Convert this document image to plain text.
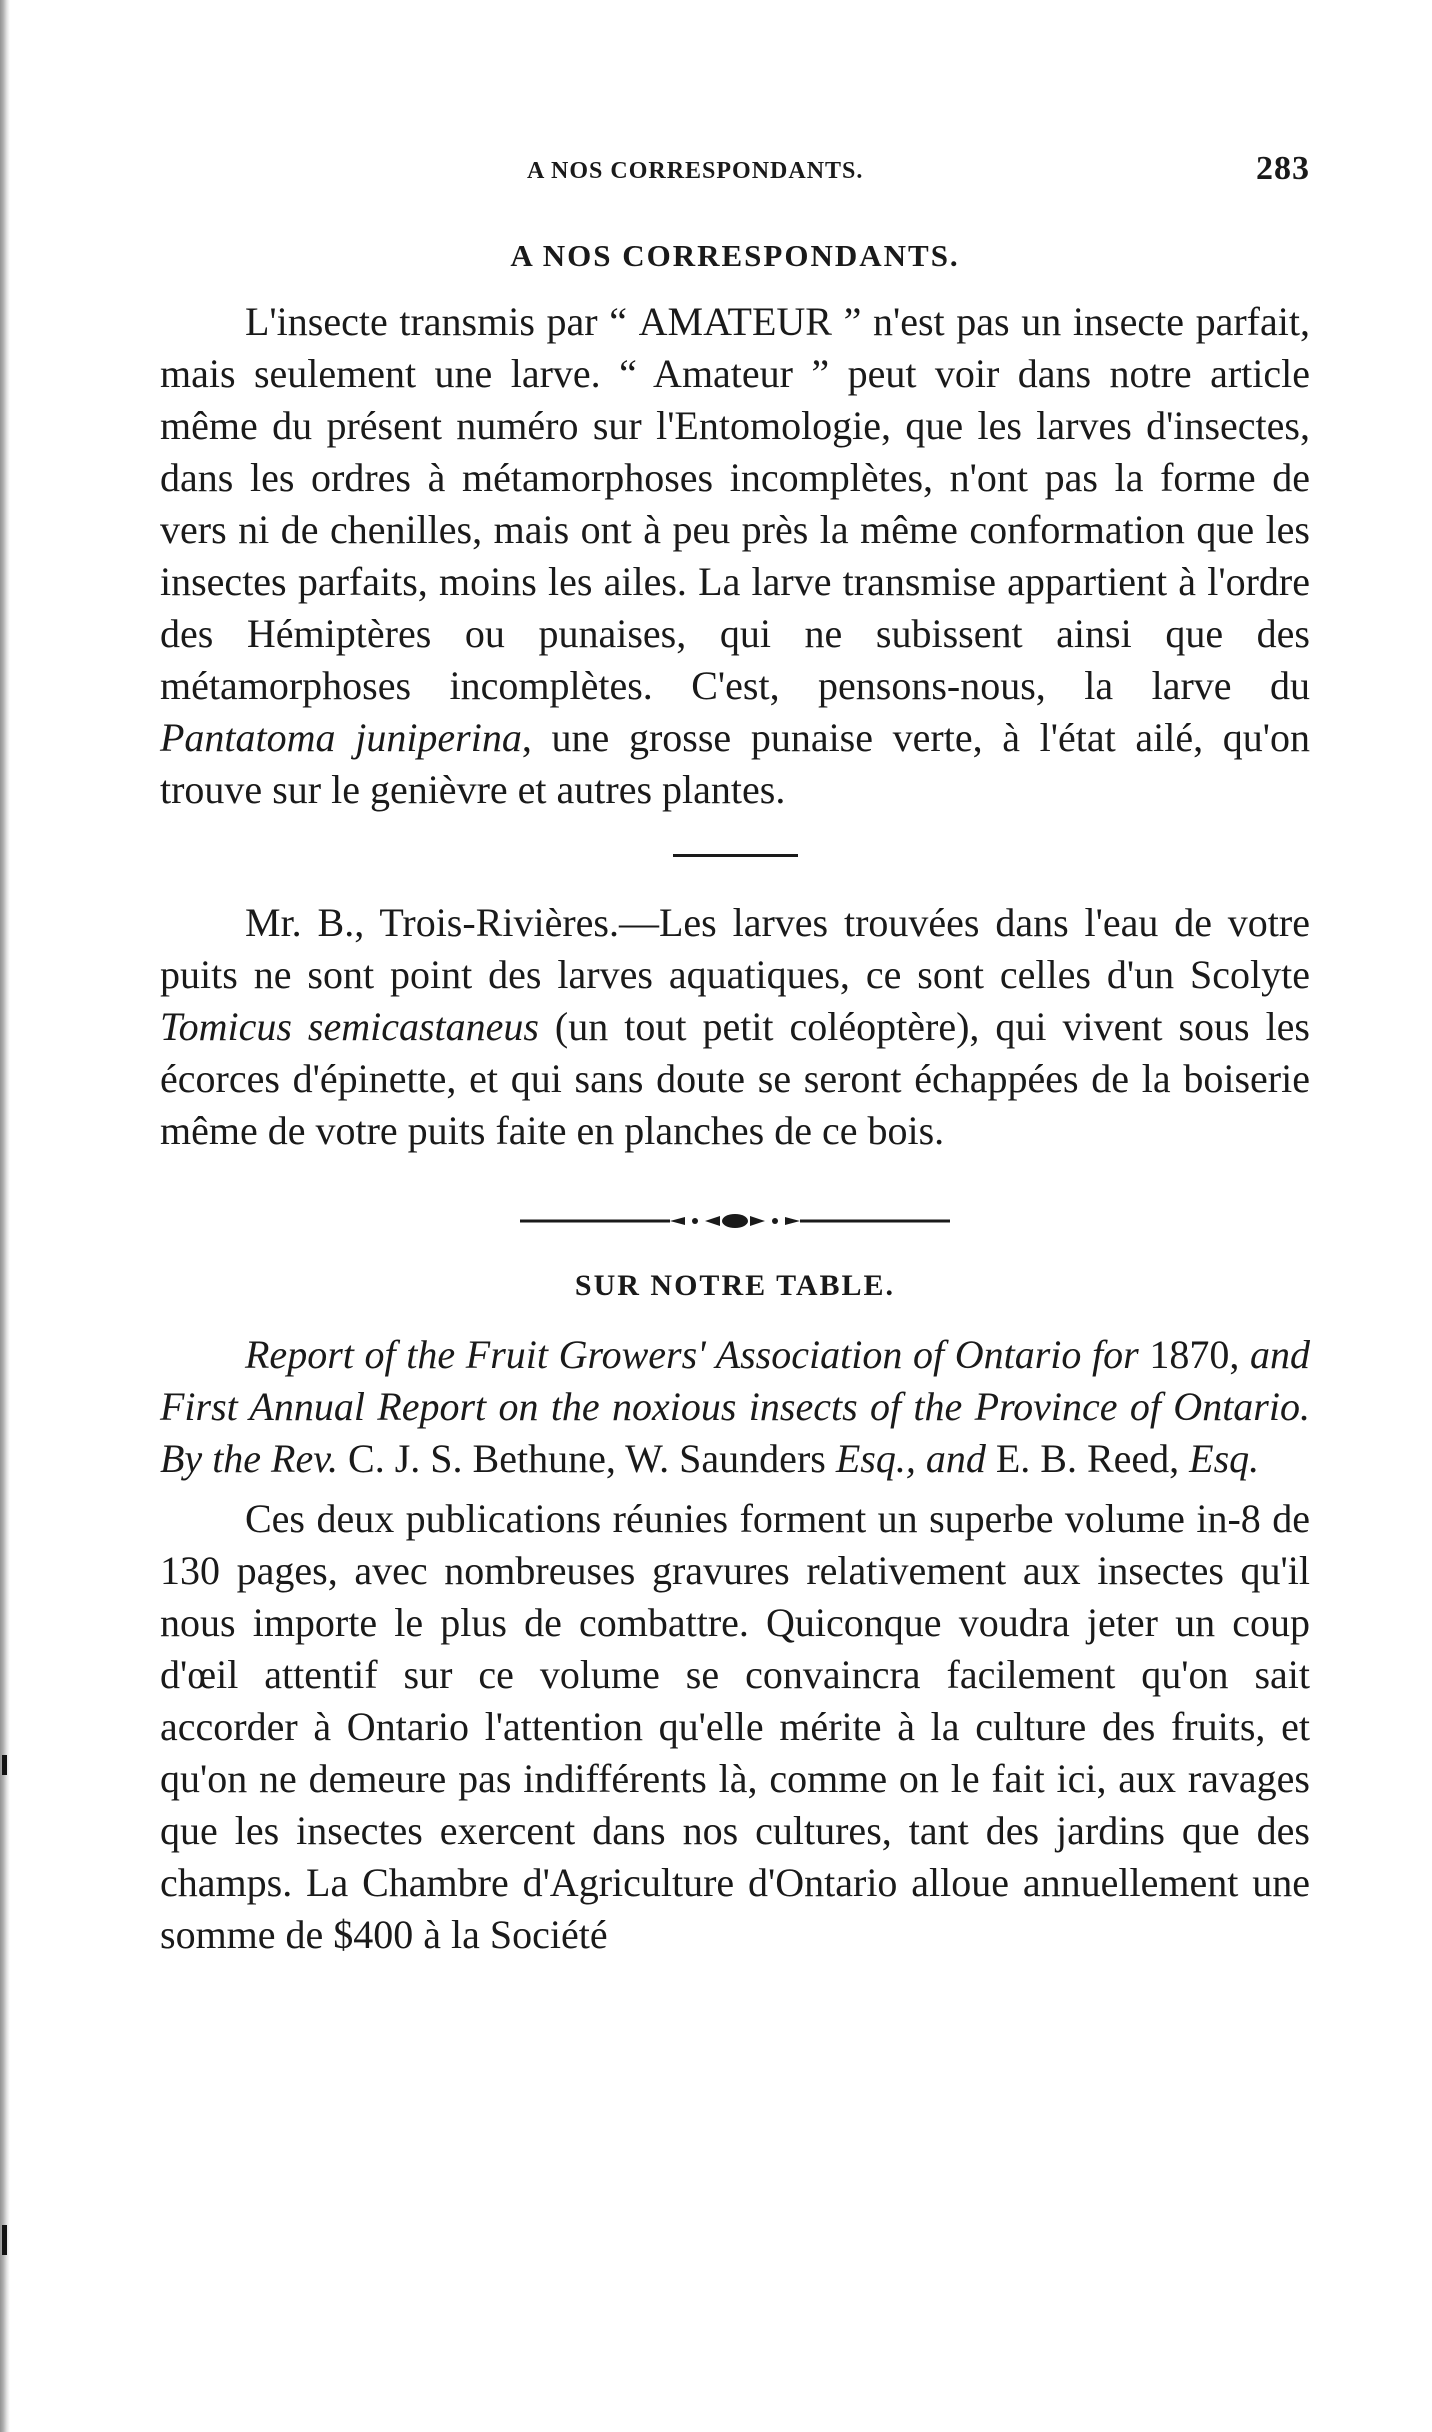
A NOS CORRESPONDANTS.	283
A NOS CORRESPONDANTS.

L'insecte transmis par “ AMATEUR ” n'est pas un insecte parfait, mais seulement une larve. “ Amateur ” peut voir dans notre article même du présent numéro sur l'Entomologie, que les larves d'insectes, dans les ordres à métamorphoses incomplètes, n'ont pas la forme de vers ni de chenilles, mais ont à peu près la même conformation que les insectes parfaits, moins les ailes. La larve transmise appartient à l'ordre des Hémiptères ou punaises, qui ne subissent ainsi que des métamorphoses incomplètes. C'est, pensons-nous, la larve du Pantatoma juniperina, une grosse punaise verte, à l'état ailé, qu'on trouve sur le genièvre et autres plantes.

Mr. B., Trois-Rivières.—Les larves trouvées dans l'eau de votre puits ne sont point des larves aquatiques, ce sont celles d'un Scolyte Tomicus semicastaneus (un tout petit coléoptère), qui vivent sous les écorces d'épinette, et qui sans doute se seront échappées de la boiserie même de votre puits faite en planches de ce bois.

SUR NOTRE TABLE.

Report of the Fruit Growers' Association of Ontario for 1870, and First Annual Report on the noxious insects of the Province of Ontario. By the Rev. C. J. S. Bethune, W. Saunders Esq., and E. B. Reed, Esq.

Ces deux publications réunies forment un superbe volume in-8 de 130 pages, avec nombreuses gravures relativement aux insectes qu'il nous importe le plus de combattre. Quiconque voudra jeter un coup d'œil attentif sur ce volume se convaincra facilement qu'on sait accorder à Ontario l'attention qu'elle mérite à la culture des fruits, et qu'on ne demeure pas indifférents là, comme on le fait ici, aux ravages que les insectes exercent dans nos cultures, tant des jardins que des champs. La Chambre d'Agriculture d'Ontario alloue annuellement une somme de $400 à la Société
